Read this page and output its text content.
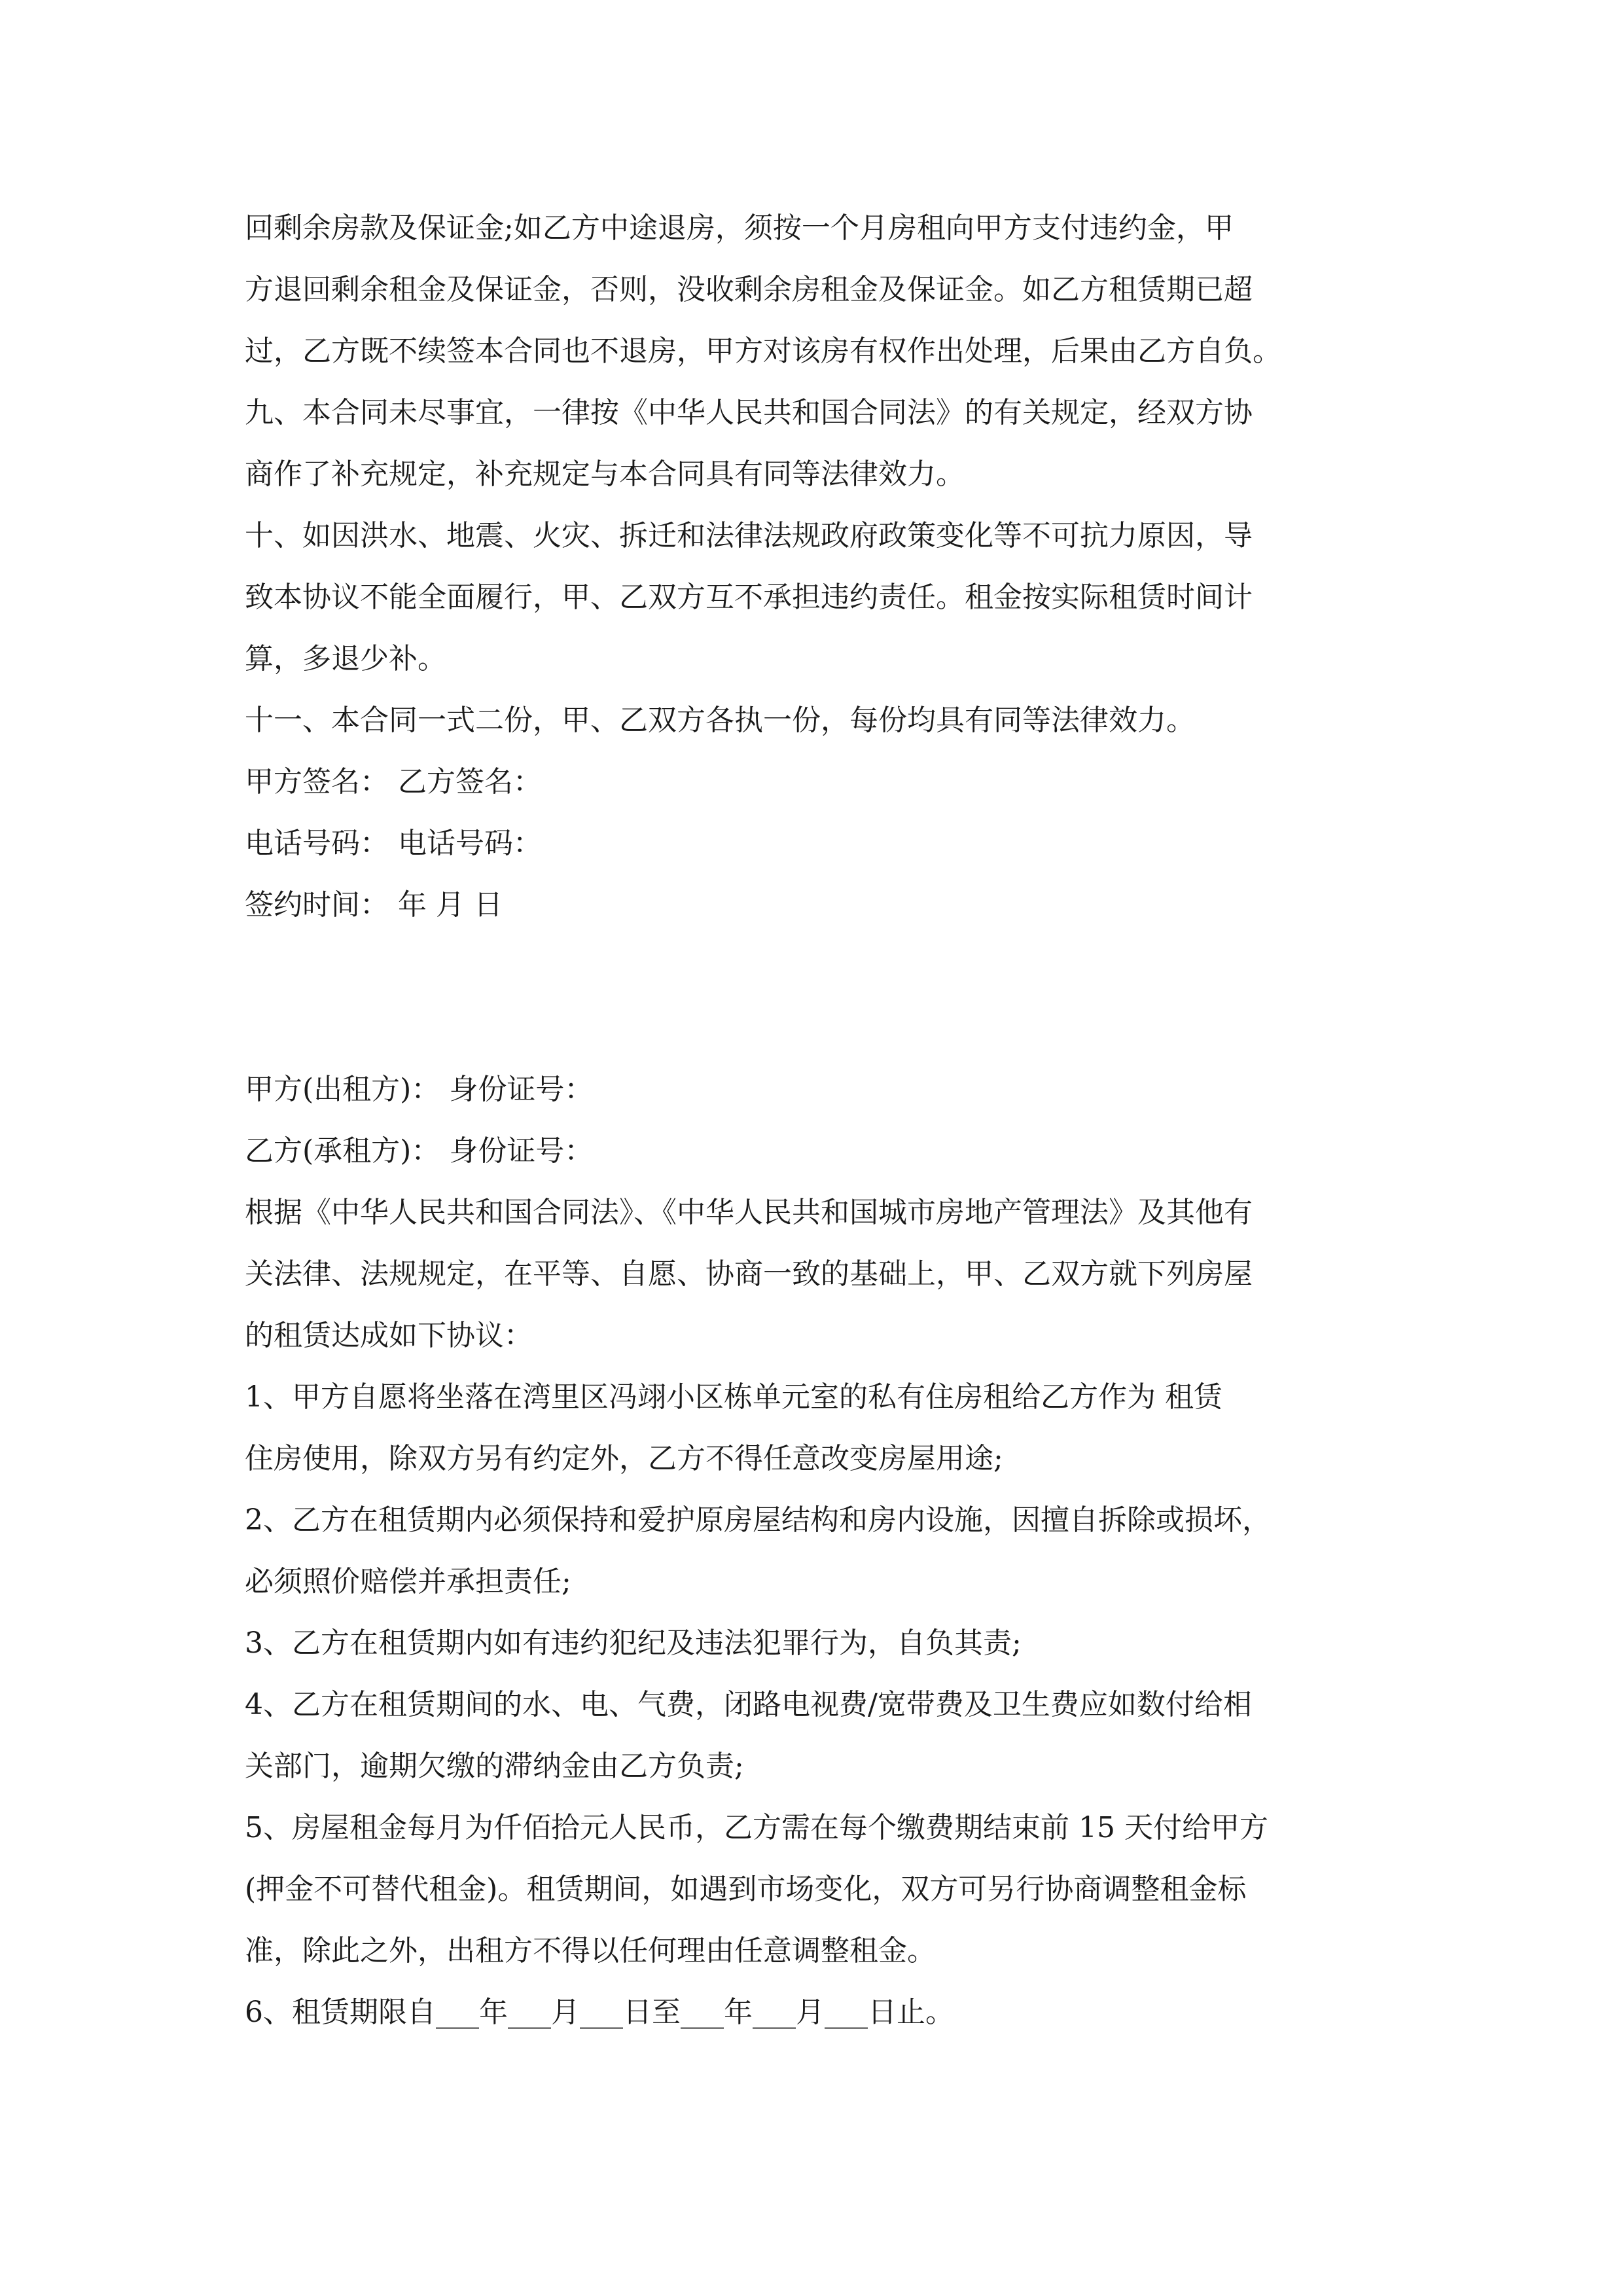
回剩余房款及保证金;如乙方中途退房，须按一个月房租向甲方支付违约金，甲
方退回剩余租金及保证金，否则，没收剩余房租金及保证金。如乙方租赁期已超
过，乙方既不续签本合同也不退房，甲方对该房有权作出处理，后果由乙方自负。
九、本合同未尽事宜，一律按《中华人民共和国合同法》的有关规定，经双方协
商作了补充规定，补充规定与本合同具有同等法律效力。
十、如因洪水、地震、火灾、拆迁和法律法规政府政策变化等不可抗力原因，导
致本协议不能全面履行，甲、乙双方互不承担违约责任。租金按实际租赁时间计
算，多退少补。
十一、本合同一式二份，甲、乙双方各执一份，每份均具有同等法律效力。
甲方签名： 乙方签名：
电话号码： 电话号码：
签约时间： 年 月 日
甲方(出租方)： 身份证号：
乙方(承租方)： 身份证号：
根据《中华人民共和国合同法》、《中华人民共和国城市房地产管理法》及其他有
关法律、法规规定，在平等、自愿、协商一致的基础上，甲、乙双方就下列房屋
的租赁达成如下协议：
1、甲方自愿将坐落在湾里区冯翊小区栋单元室的私有住房租给乙方作为 租赁
住房使用，除双方另有约定外，乙方不得任意改变房屋用途;
2、乙方在租赁期内必须保持和爱护原房屋结构和房内设施，因擅自拆除或损坏，
必须照价赔偿并承担责任;
3、乙方在租赁期内如有违约犯纪及违法犯罪行为，自负其责;
4、乙方在租赁期间的水、电、气费，闭路电视费/宽带费及卫生费应如数付给相
关部门，逾期欠缴的滞纳金由乙方负责;
5、房屋租金每月为仟佰拾元人民币，乙方需在每个缴费期结束前 15 天付给甲方
(押金不可替代租金)。租赁期间，如遇到市场变化，双方可另行协商调整租金标
准，除此之外，出租方不得以任何理由任意调整租金。
6、租赁期限自___年___月___日至___年___月___日止。
